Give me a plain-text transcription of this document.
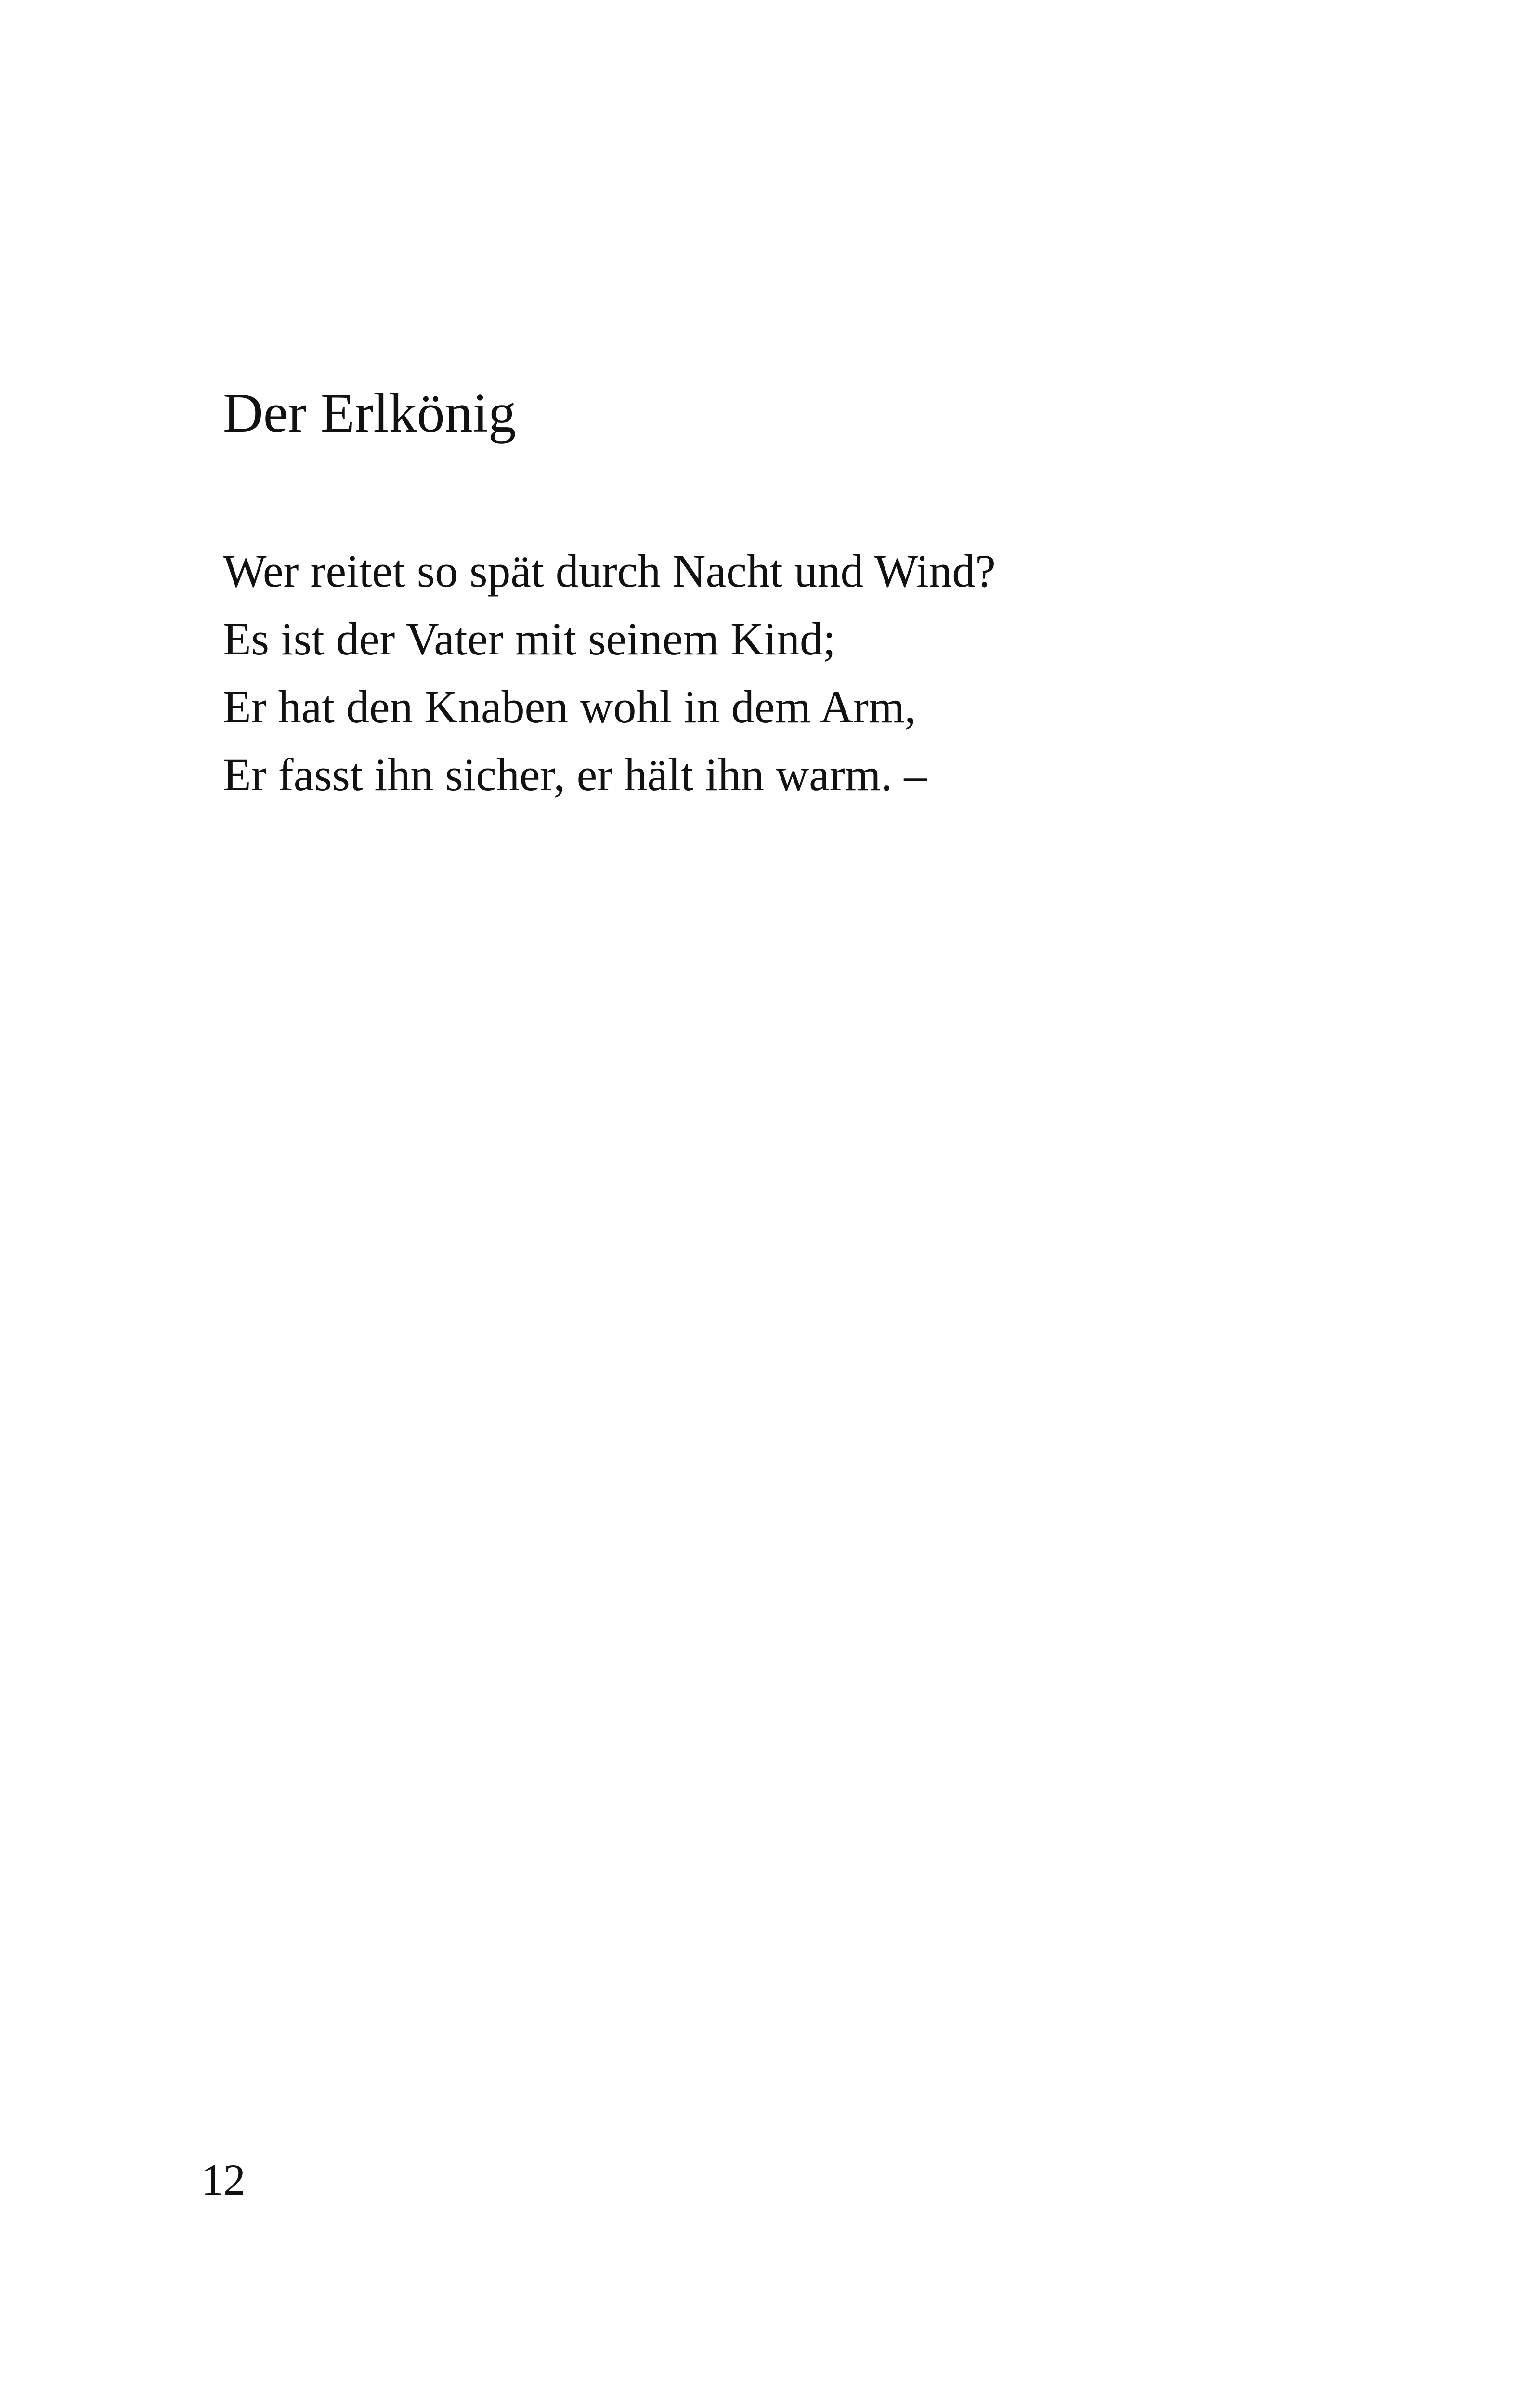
Der Erlkönig
Wer reitet so spät durch Nacht und Wind?
Es ist der Vater mit seinem Kind;
Er hat den Knaben wohl in dem Arm,
Er fasst ihn sicher, er hält ihn warm. –
12
